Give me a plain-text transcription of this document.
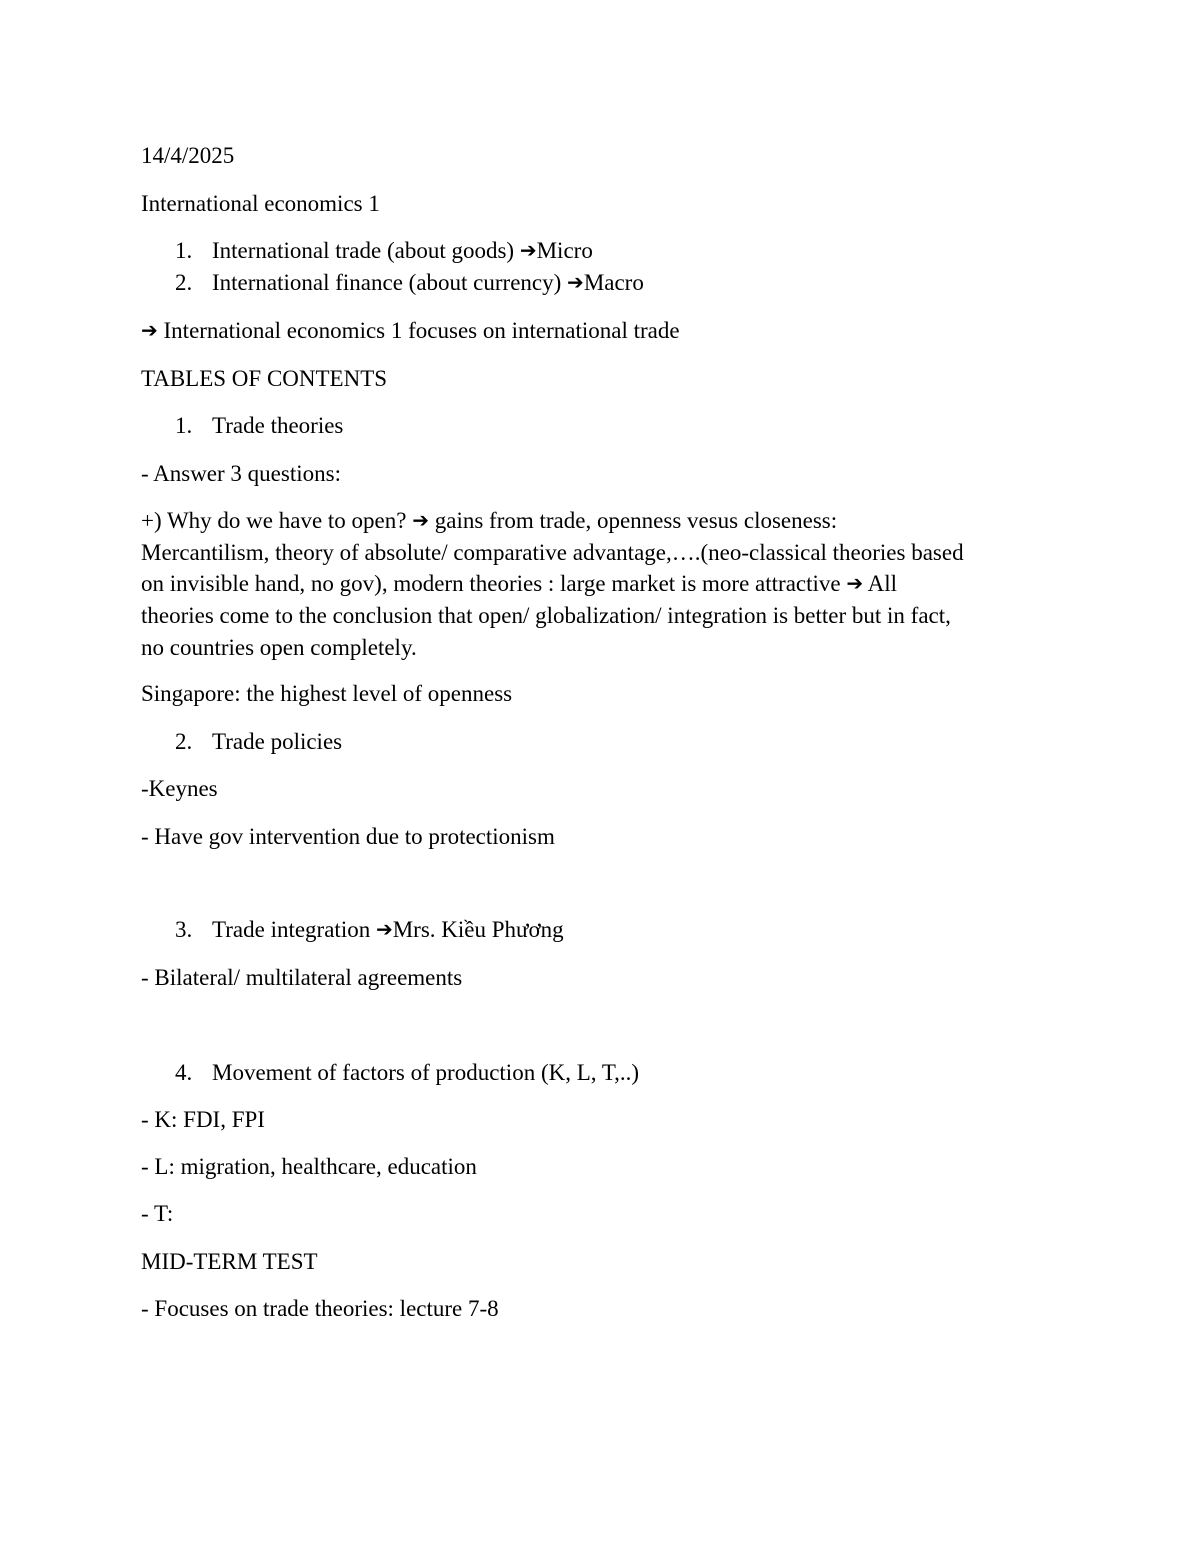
14/4/2025
International economics 1
1. International trade (about goods) ➔Micro
2. International finance (about currency) ➔Macro
➔ International economics 1 focuses on international trade
TABLES OF CONTENTS
1. Trade theories
- Answer 3 questions:
+) Why do we have to open? ➔ gains from trade, openness vesus closeness:
Mercantilism, theory of absolute/ comparative advantage,….(neo-classical theories based
on invisible hand, no gov), modern theories : large market is more attractive ➔ All
theories come to the conclusion that open/ globalization/ integration is better but in fact,
no countries open completely.
Singapore: the highest level of openness
2. Trade policies
-Keynes
- Have gov intervention due to protectionism
3. Trade integration ➔Mrs. Kiều Phương
- Bilateral/ multilateral agreements
4. Movement of factors of production (K, L, T,..)
- K: FDI, FPI
- L: migration, healthcare, education
- T:
MID-TERM TEST
- Focuses on trade theories: lecture 7-8
